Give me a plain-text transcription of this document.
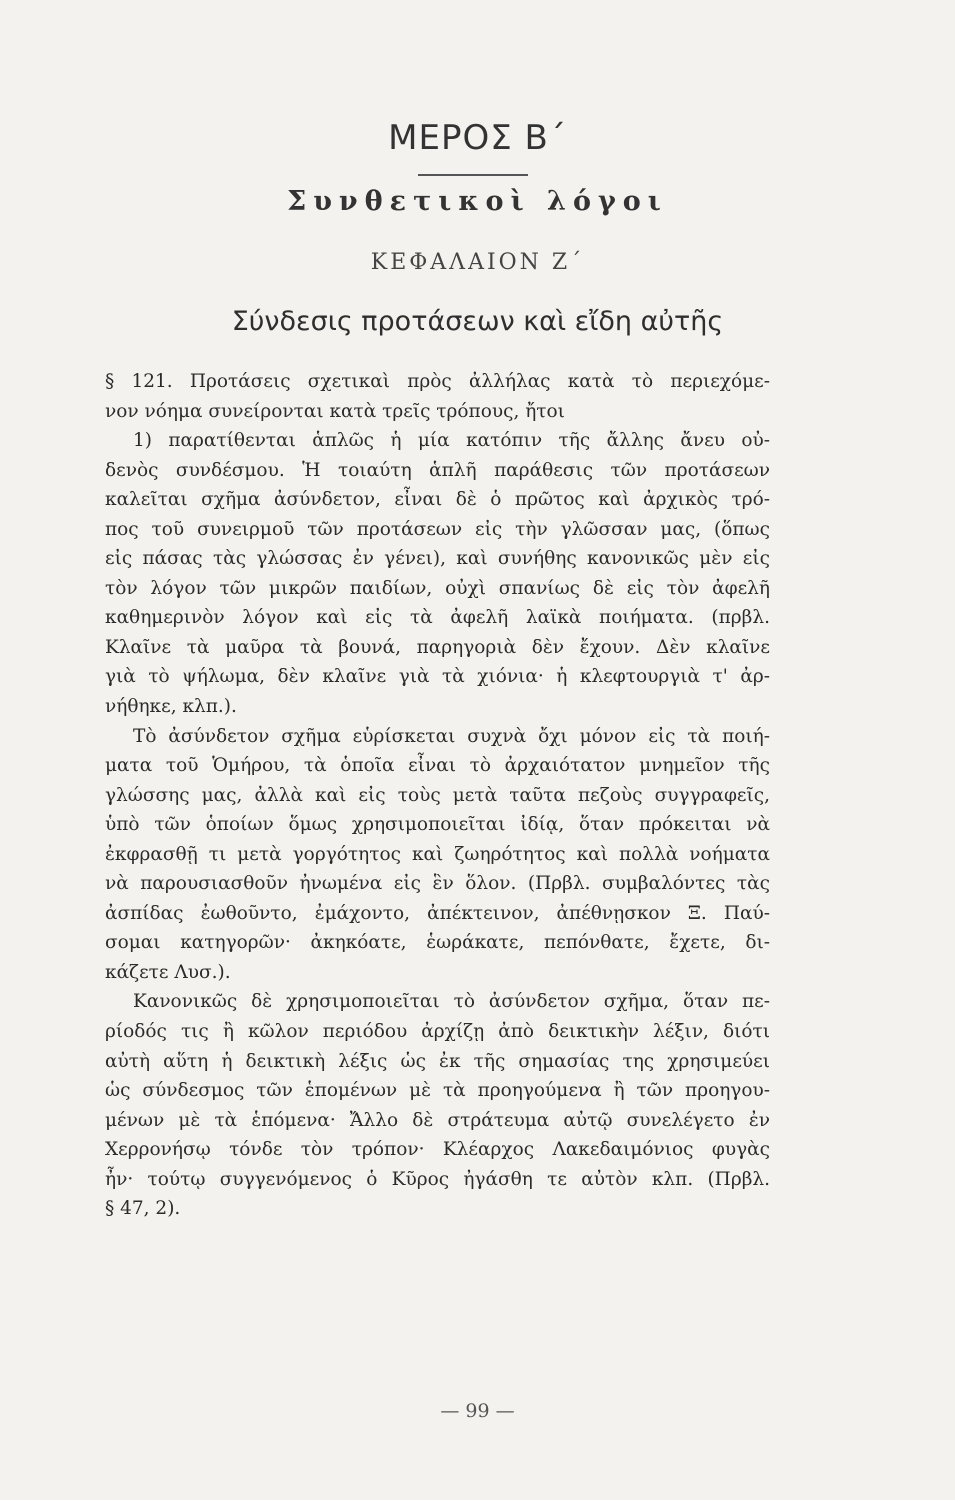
ΜΕΡΟΣ Β΄
Συνθετικοὶ λόγοι
ΚΕΦΑΛΑΙΟΝ Ζ΄
Σύνδεσις προτάσεων καὶ εἴδη αὐτῆς
§ 121. Προτάσεις σχετικαὶ πρὸς ἀλλήλας κατὰ τὸ περιεχόμε-
νον νόημα συνείρονται κατὰ τρεῖς τρόπους, ἤτοι
1) παρατίθενται ἁπλῶς ἡ μία κατόπιν τῆς ἄλλης ἄνευ οὐ-
δενὸς συνδέσμου. Ἡ τοιαύτη ἁπλῆ παράθεσις τῶν προτάσεων
καλεῖται σχῆμα ἀσύνδετον, εἶναι δὲ ὁ πρῶτος καὶ ἀρχικὸς τρό-
πος τοῦ συνειρμοῦ τῶν προτάσεων εἰς τὴν γλῶσσαν μας, (ὅπως
εἰς πάσας τὰς γλώσσας ἐν γένει), καὶ συνήθης κανονικῶς μὲν εἰς
τὸν λόγον τῶν μικρῶν παιδίων, οὐχὶ σπανίως δὲ εἰς τὸν ἀφελῆ
καθημερινὸν λόγον καὶ εἰς τὰ ἀφελῆ λαϊκὰ ποιήματα. (πρβλ.
Κλαῖνε τὰ μαῦρα τὰ βουνά, παρηγοριὰ δὲν ἔχουν. Δὲν κλαῖνε
γιὰ τὸ ψήλωμα, δὲν κλαῖνε γιὰ τὰ χιόνια· ἡ κλεφτουργιὰ τ' ἀρ-
νήθηκε, κλπ.).
Τὸ ἀσύνδετον σχῆμα εὑρίσκεται συχνὰ ὄχι μόνον εἰς τὰ ποιή-
ματα τοῦ Ὁμήρου, τὰ ὁποῖα εἶναι τὸ ἀρχαιότατον μνημεῖον τῆς
γλώσσης μας, ἀλλὰ καὶ εἰς τοὺς μετὰ ταῦτα πεζοὺς συγγραφεῖς,
ὑπὸ τῶν ὁποίων ὅμως χρησιμοποιεῖται ἰδίᾳ, ὅταν πρόκειται νὰ
ἐκφρασθῇ τι μετὰ γοργότητος καὶ ζωηρότητος καὶ πολλὰ νοήματα
νὰ παρουσιασθοῦν ἠνωμένα εἰς ἓν ὅλον. (Πρβλ. συμβαλόντες τὰς
ἀσπίδας ἐωθοῦντο, ἐμάχοντο, ἀπέκτεινον, ἀπέθνῃσκον Ξ. Παύ-
σομαι κατηγορῶν· ἀκηκόατε, ἑωράκατε, πεπόνθατε, ἔχετε, δι-
κάζετε Λυσ.).
Κανονικῶς δὲ χρησιμοποιεῖται τὸ ἀσύνδετον σχῆμα, ὅταν πε-
ρίοδός τις ἢ κῶλον περιόδου ἀρχίζῃ ἀπὸ δεικτικὴν λέξιν, διότι
αὐτὴ αὕτη ἡ δεικτικὴ λέξις ὡς ἐκ τῆς σημασίας της χρησιμεύει
ὡς σύνδεσμος τῶν ἑπομένων μὲ τὰ προηγούμενα ἢ τῶν προηγου-
μένων μὲ τὰ ἑπόμενα· Ἄλλο δὲ στράτευμα αὐτῷ συνελέγετο ἐν
Χερρονήσῳ τόνδε τὸν τρόπον· Κλέαρχος Λακεδαιμόνιος φυγὰς
ἦν· τούτῳ συγγενόμενος ὁ Κῦρος ἠγάσθη τε αὐτὸν κλπ. (Πρβλ.
§ 47, 2).
— 99 —
